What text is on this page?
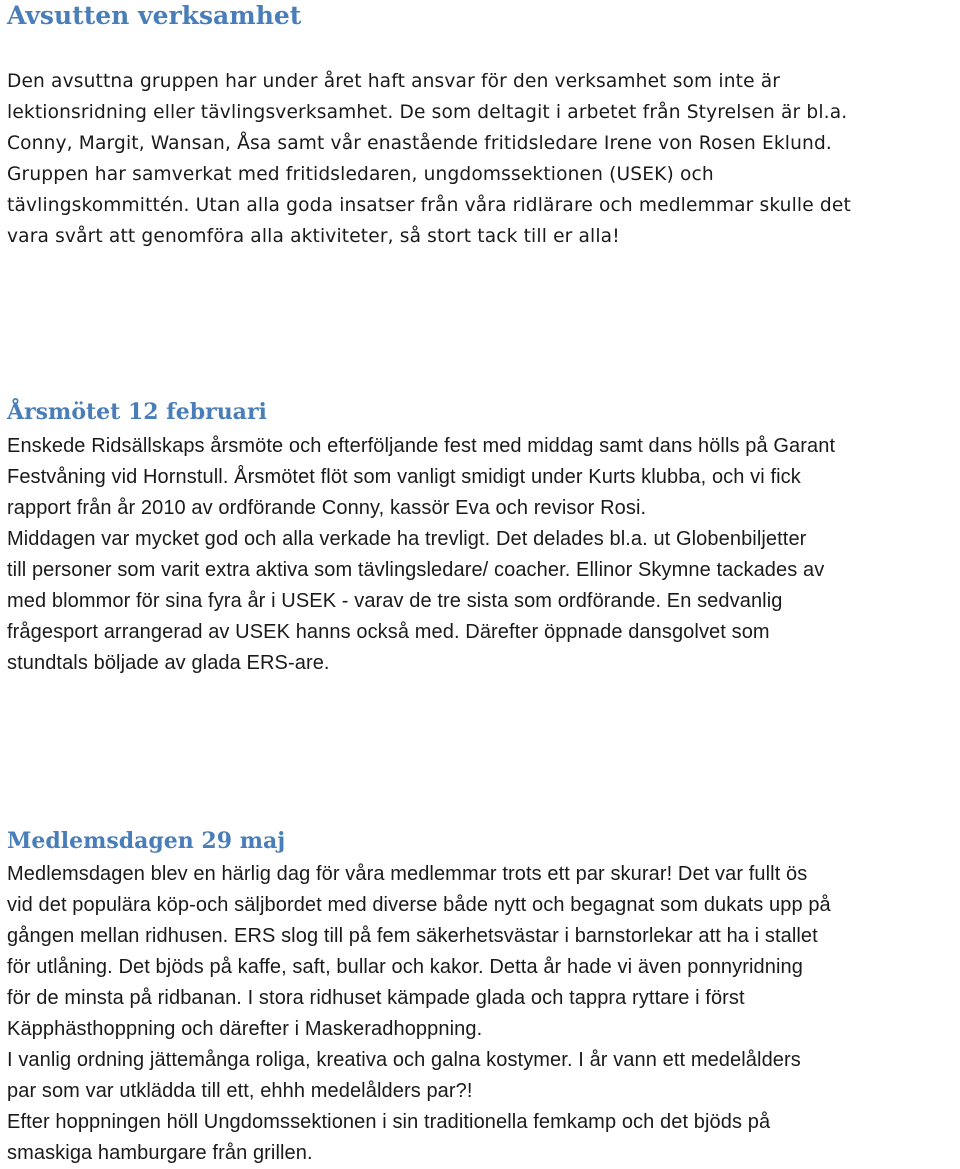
Avsutten verksamhet

Den avsuttna gruppen har under året haft ansvar för den verksamhet som inte är
lektionsridning eller tävlingsverksamhet. De som deltagit i arbetet från Styrelsen är bl.a.
Conny, Margit, Wansan, Åsa samt vår enastående fritidsledare Irene von Rosen Eklund.
Gruppen har samverkat med fritidsledaren, ungdomssektionen (USEK) och
tävlingskommittén. Utan alla goda insatser från våra ridlärare och medlemmar skulle det
vara svårt att genomföra alla aktiviteter, så stort tack till er alla!

Årsmötet 12 februari

Enskede Ridsällskaps årsmöte och efterföljande fest med middag samt dans hölls på Garant
Festvåning vid Hornstull. Årsmötet flöt som vanligt smidigt under Kurts klubba, och vi fick
rapport från år 2010 av ordförande Conny, kassör Eva och revisor Rosi.
Middagen var mycket god och alla verkade ha trevligt. Det delades bl.a. ut Globenbiljetter
till personer som varit extra aktiva som tävlingsledare/ coacher. Ellinor Skymne tackades av
med blommor för sina fyra år i USEK - varav de tre sista som ordförande. En sedvanlig
frågesport arrangerad av USEK hanns också med. Därefter öppnade dansgolvet som
stundtals böljade av glada ERS-are.

Medlemsdagen 29 maj

Medlemsdagen blev en härlig dag för våra medlemmar trots ett par skurar! Det var fullt ös
vid det populära köp-och säljbordet med diverse både nytt och begagnat som dukats upp på
gången mellan ridhusen. ERS slog till på fem säkerhetsvästar i barnstorlekar att ha i stallet
för utlåning. Det bjöds på kaffe, saft, bullar och kakor. Detta år hade vi även ponnyridning
för de minsta på ridbanan. I stora ridhuset kämpade glada och tappra ryttare i först
Käpphästhoppning och därefter i Maskeradhoppning.
I vanlig ordning jättemånga roliga, kreativa och galna kostymer. I år vann ett medelålders
par som var utklädda till ett, ehhh medelålders par?!
Efter hoppningen höll Ungdomssektionen i sin traditionella femkamp och det bjöds på
smaskiga hamburgare från grillen.
